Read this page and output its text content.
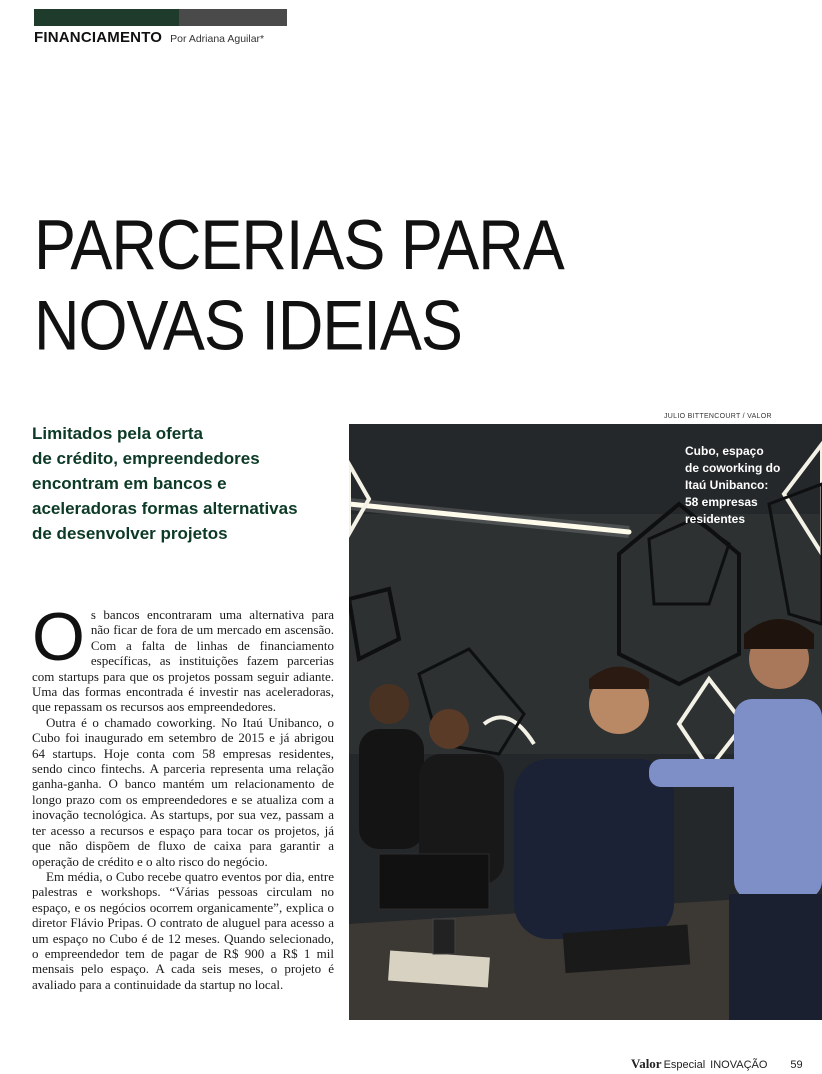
FINANCIAMENTO Por Adriana Aguilar*
PARCERIAS PARA
NOVAS IDEIAS
Limitados pela oferta
de crédito, empreendedores
encontram em bancos e
aceleradoras formas alternativas
de desenvolver projetos
JULIO BITTENCOURT / VALOR

Os bancos encontraram uma alternativa para não ficar de fora de um mercado em ascensão. Com a falta de linhas de financiamento específicas, as instituições fazem parcerias com startups para que os projetos possam seguir adiante. Uma das formas encontrada é investir nas aceleradoras, que repassam os recursos aos empreendedores.

Outra é o chamado coworking. No Itaú Unibanco, o Cubo foi inaugurado em setembro de 2015 e já abrigou 64 startups. Hoje conta com 58 empresas residentes, sendo cinco fintechs. A parceria representa uma relação ganha-ganha. O banco mantém um relacionamento de longo prazo com os empreendedores e se atualiza com a inovação tecnológica. As startups, por sua vez, passam a ter acesso a recursos e espaço para tocar os projetos, já que não dispõem de fluxo de caixa para garantir a operação de crédito e o alto risco do negócio.

Em média, o Cubo recebe quatro eventos por dia, entre palestras e workshops. “Várias pessoas circulam no espaço, e os negócios ocorrem organicamente”, explica o diretor Flávio Pripas. O contrato de aluguel para acesso a um espaço no Cubo é de 12 meses. Quando selecionado, o empreendedor tem de pagar de R$ 900 a R$ 1 mil mensais pelo espaço. A cada seis meses, o projeto é avaliado para a continuidade da startup no local.

Cubo, espaço
de coworking do
Itaú Unibanco:
58 empresas
residentes
Valor Especial INOVAÇÃO 59
